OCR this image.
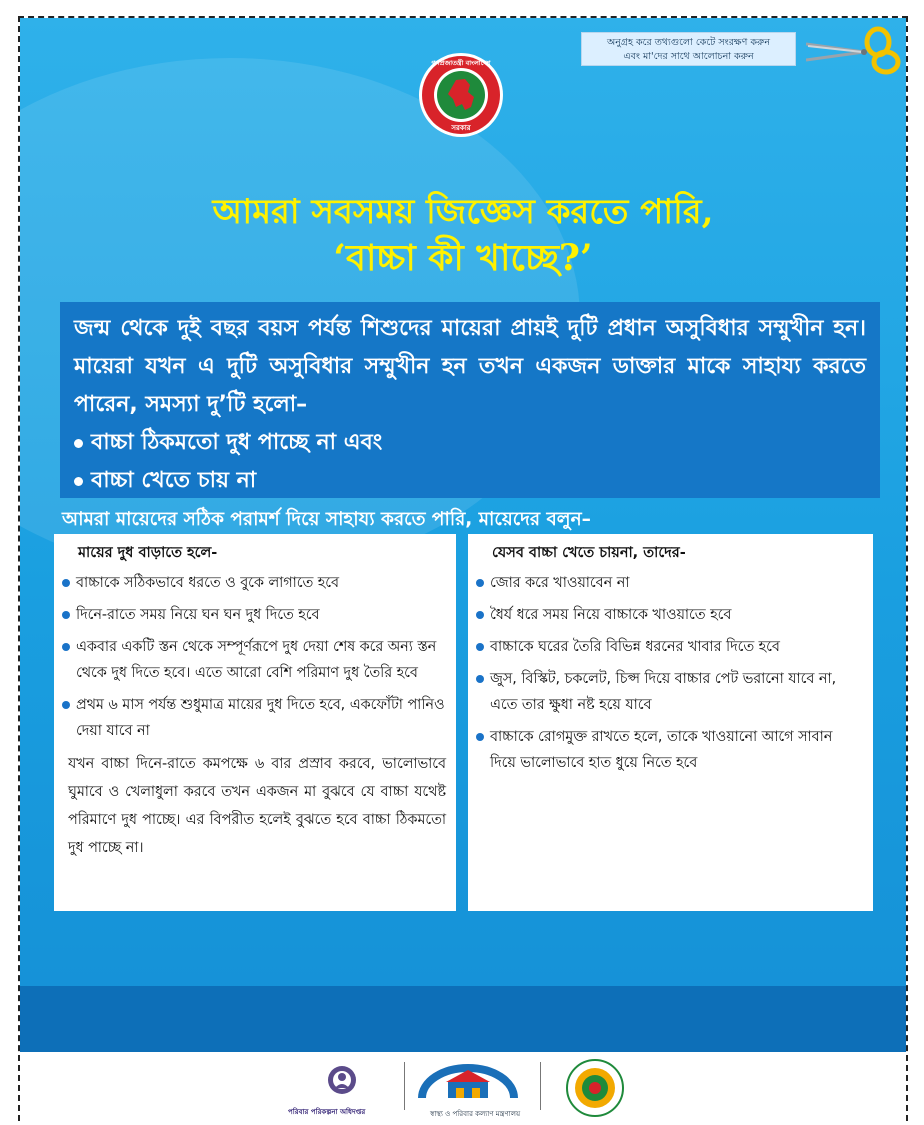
অনুগ্রহ করে তথ্যগুলো কেটে সংরক্ষণ করুন
এবং মা'দের সাথে আলোচনা করুন
গণপ্রজাতন্ত্রী বাংলাদেশ
সরকার
আমরা সবসময় জিজ্ঞেস করতে পারি,
‘বাচ্চা কী খাচ্ছে?’

জন্ম থেকে দুই বছর বয়স পর্যন্ত শিশুদের মায়েরা প্রায়ই দুটি প্রধান অসুবিধার সম্মুখীন হন। মায়েরা যখন এ দুটি অসুবিধার সম্মুখীন হন তখন একজন ডাক্তার মাকে সাহায্য করতে পারেন, সমস্যা দু’টি হলো–

বাচ্চা ঠিকমতো দুধ পাচ্ছে না এবং
বাচ্চা খেতে চায় না
আমরা মায়েদের সঠিক পরামর্শ দিয়ে সাহায্য করতে পারি, মায়েদের বলুন–
মায়ের দুধ বাড়াতে হলে-
বাচ্চাকে সঠিকভাবে ধরতে ও বুকে লাগাতে হবে
দিনে-রাতে সময় নিয়ে ঘন ঘন দুধ দিতে হবে
একবার একটি স্তন থেকে সম্পূর্ণরূপে দুধ দেয়া শেষ করে অন্য স্তন থেকে দুধ দিতে হবে। এতে আরো বেশি পরিমাণ দুধ তৈরি হবে
প্রথম ৬ মাস পর্যন্ত শুধুমাত্র মায়ের দুধ দিতে হবে, একফোঁটা পানিও দেয়া যাবে না

যখন বাচ্চা দিনে-রাতে কমপক্ষে ৬ বার প্রস্রাব করবে, ভালোভাবে ঘুমাবে ও খেলাধুলা করবে তখন একজন মা বুঝবে যে বাচ্চা যথেষ্ট পরিমাণে দুধ পাচ্ছে। এর বিপরীত হলেই বুঝতে হবে বাচ্চা ঠিকমতো দুধ পাচ্ছে না।

যেসব বাচ্চা খেতে চায়না, তাদের-
জোর করে খাওয়াবেন না
ধৈর্য ধরে সময় নিয়ে বাচ্চাকে খাওয়াতে হবে
বাচ্চাকে ঘরের তৈরি বিভিন্ন ধরনের খাবার দিতে হবে
জুস, বিস্কিট, চকলেট, চিপ্স দিয়ে বাচ্চার পেট ভরানো যাবে না, এতে তার ক্ষুধা নষ্ট হয়ে যাবে
বাচ্চাকে রোগমুক্ত রাখতে হলে, তাকে খাওয়ানো আগে সাবান দিয়ে ভালোভাবে হাত ধুয়ে নিতে হবে
পরিবার পরিকল্পনা অধিদপ্তর	স্বাস্থ্য ও পরিবার কল্যাণ মন্ত্রণালয়
